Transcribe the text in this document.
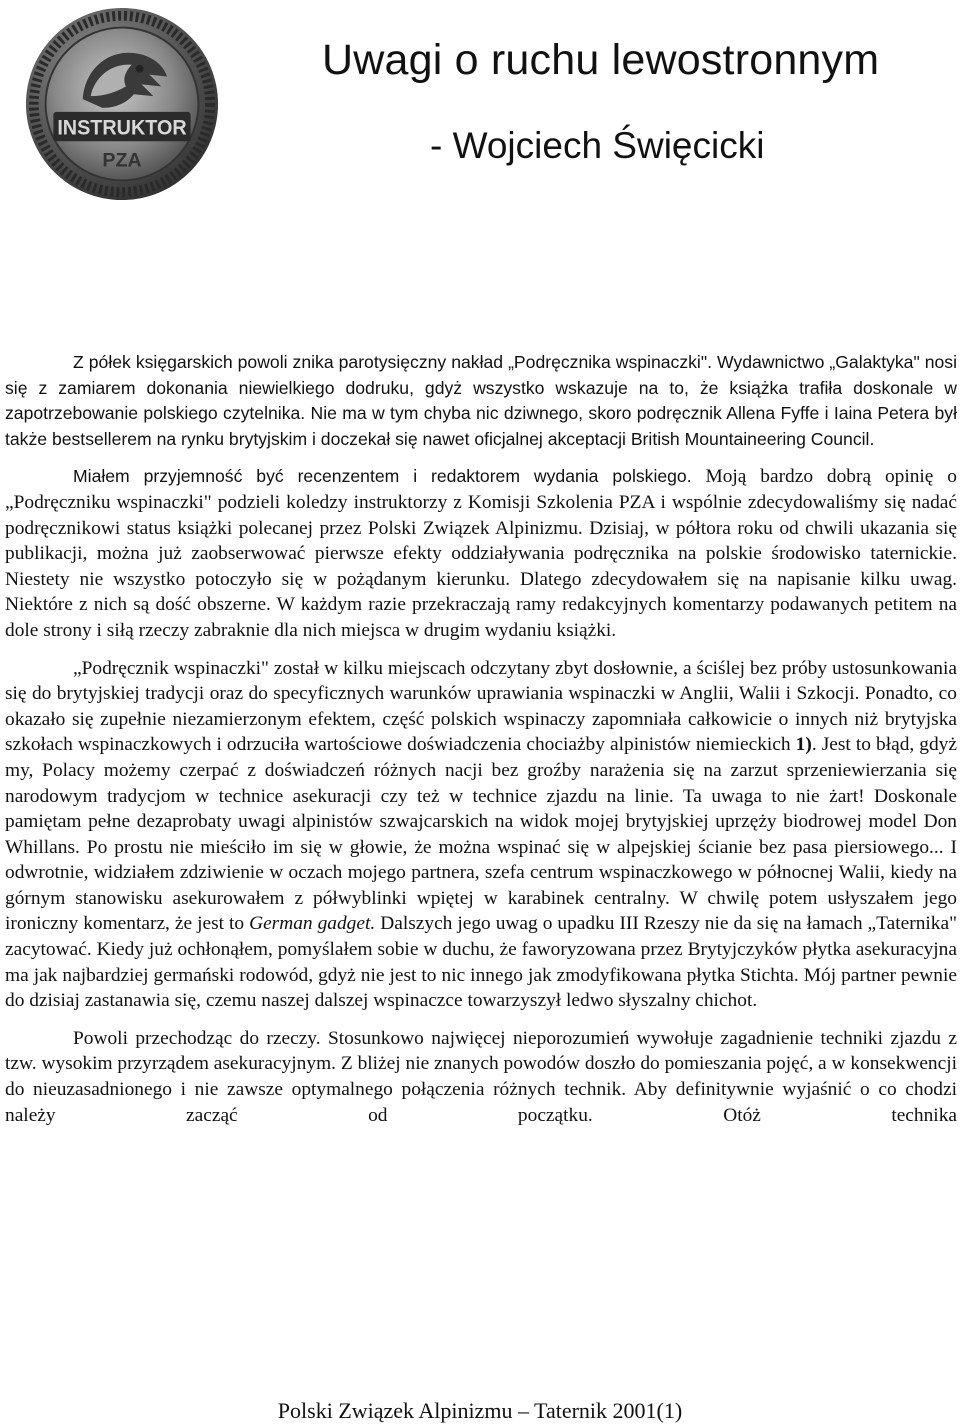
INSTRUKTOR
PZA
Uwagi o ruchu lewostronnym
- Wojciech Święcicki

Z półek księgarskich powoli znika parotysięczny nakład „Podręcznika wspinaczki". Wydawnictwo „Galaktyka" nosi się z zamiarem dokonania niewielkiego dodruku, gdyż wszystko wskazuje na to, że książka trafiła doskonale w zapotrzebowanie polskiego czytelnika. Nie ma w tym chyba nic dziwnego, skoro podręcznik Allena Fyffe i Iaina Petera był także bestsellerem na rynku brytyjskim i doczekał się nawet oficjalnej akceptacji British Mountaineering Council.

Miałem przyjemność być recenzentem i redaktorem wydania polskiego. Moją bardzo dobrą opinię o „Podręczniku wspinaczki" podzieli koledzy instruktorzy z Komisji Szkolenia PZA i wspólnie zdecydowaliśmy się nadać podręcznikowi status książki polecanej przez Polski Związek Alpinizmu. Dzisiaj, w półtora roku od chwili ukazania się publikacji, można już zaobserwować pierwsze efekty oddziaływania podręcznika na polskie środowisko taternickie. Niestety nie wszystko potoczyło się w pożądanym kierunku. Dlatego zdecydowałem się na napisanie kilku uwag. Niektóre z nich są dość obszerne. W każdym razie przekraczają ramy redakcyjnych komentarzy podawanych petitem na dole strony i siłą rzeczy zabraknie dla nich miejsca w drugim wydaniu książki.

„Podręcznik wspinaczki" został w kilku miejscach odczytany zbyt dosłownie, a ściślej bez próby ustosunkowania się do brytyjskiej tradycji oraz do specyficznych warunków uprawiania wspinaczki w Anglii, Walii i Szkocji. Ponadto, co okazało się zupełnie niezamierzonym efektem, część polskich wspinaczy zapomniała całkowicie o innych niż brytyjska szkołach wspinaczkowych i odrzuciła wartościowe doświadczenia chociażby alpinistów niemieckich 1). Jest to błąd, gdyż my, Polacy możemy czerpać z doświadczeń różnych nacji bez groźby narażenia się na zarzut sprzeniewierzania się narodowym tradycjom w technice asekuracji czy też w technice zjazdu na linie. Ta uwaga to nie żart! Doskonale pamiętam pełne dezaprobaty uwagi alpinistów szwajcarskich na widok mojej brytyjskiej uprzęży biodrowej model Don Whillans. Po prostu nie mieściło im się w głowie, że można wspinać się w alpejskiej ścianie bez pasa piersiowego... I odwrotnie, widziałem zdziwienie w oczach mojego partnera, szefa centrum wspinaczkowego w północnej Walii, kiedy na górnym stanowisku asekurowałem z półwyblinki wpiętej w karabinek centralny. W chwilę potem usłyszałem jego ironiczny komentarz, że jest to German gadget. Dalszych jego uwag o upadku III Rzeszy nie da się na łamach „Taternika" zacytować. Kiedy już ochłonąłem, pomyślałem sobie w duchu, że faworyzowana przez Brytyjczyków płytka asekuracyjna ma jak najbardziej germański rodowód, gdyż nie jest to nic innego jak zmodyfikowana płytka Stichta. Mój partner pewnie do dzisiaj zastanawia się, czemu naszej dalszej wspinaczce towarzyszył ledwo słyszalny chichot.

Powoli przechodząc do rzeczy. Stosunkowo najwięcej nieporozumień wywołuje zagadnienie techniki zjazdu z tzw. wysokim przyrządem asekuracyjnym. Z bliżej nie znanych powodów doszło do pomieszania pojęć, a w konsekwencji do nieuzasadnionego i nie zawsze optymalnego połączenia różnych technik. Aby definitywnie wyjaśnić o co chodzi należy zacząć od początku. Otóż technika

Polski Związek Alpinizmu – Taternik 2001(1)
